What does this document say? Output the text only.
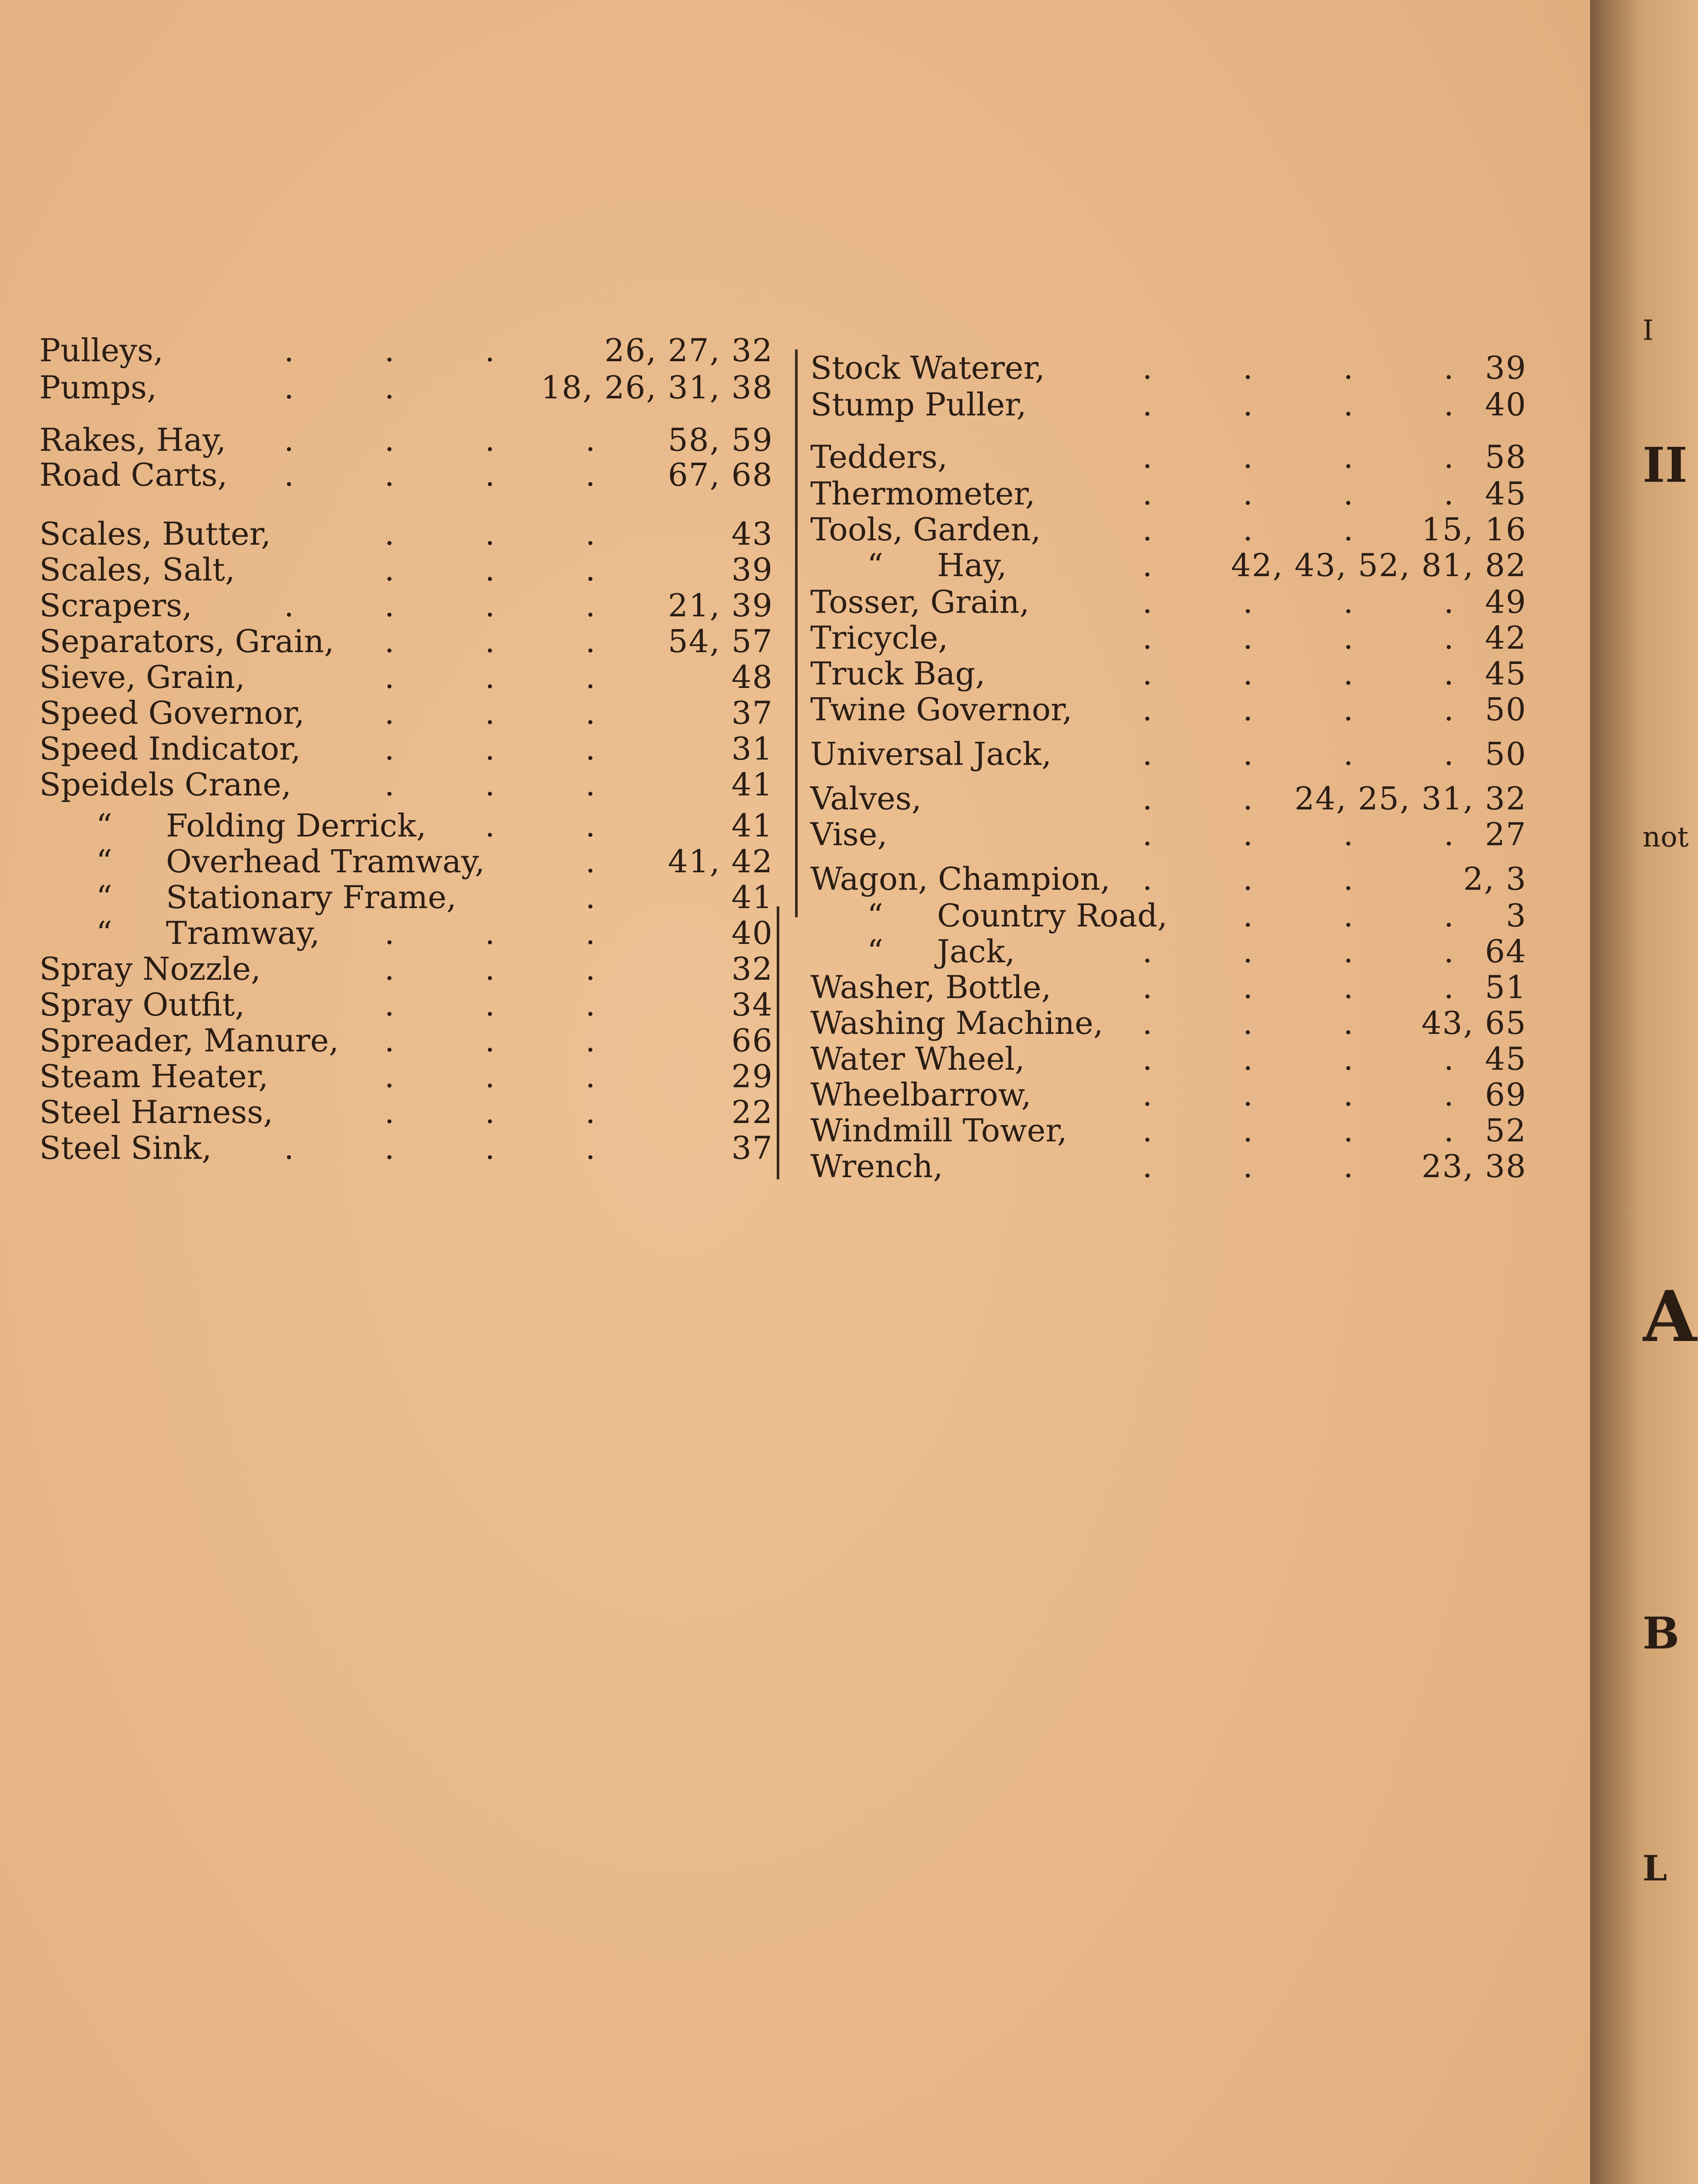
Pulleys,	.	.	.	26, 27, 32
Pumps,	.	.	18, 26, 31, 38
Rakes, Hay, .	.	.	. 58, 59
Road Carts, .	.	.	. 67, 68
Scales, Butter,	.	.	.	43
Scales, Salt,	.	.	.	39
Scrapers,	.	.	.	. 21, 39
Separators, Grain, .	.	. 54, 57
Sieve, Grain,	.	.	.	48
Speed Governor,	.	.	.	37
Speed Indicator,	.	.	.	31
Speidels Crane,	.	.	.	41
“ Folding Derrick, .	.	41
“ Overhead Tramway,	. 41, 42
“ Stationary Frame,	.	41
“ Tramway, .	.	.	40
Spray Nozzle,	.	.	.	32
Spray Outfit,	.	.	.	34
Spreader, Manure, .	.	.	66
Steam Heater,	.	.	.	29
Steel Harness,	.	.	.	22
Steel Sink, .	.	.	.	37
Stock Waterer,	.	.	.	. 39
Stump Puller,	.	.	.	. 40
Tedders,	.	.	.	. 58
Thermometer,	.	.	.	. 45
Tools, Garden,	.	.	. 15, 16
“ Hay,	. 42, 43, 52, 81, 82
Tosser, Grain,	.	.	.	. 49
Tricycle,	.	.	.	. 42
Truck Bag,	.	.	.	. 45
Twine Governor, .	.	.	. 50
Universal Jack,	.	.	.	. 50
Valves,	.	. 24, 25, 31, 32
Vise,	.	.	.	. 27
Wagon, Champion, .	.	.	2, 3
“ Country Road, .	.	. 3
“ Jack,	.	.	.	. 64
Washer, Bottle,	.	.	.	. 51
Washing Machine, .	.	. 43, 65
Water Wheel,	.	.	.	. 45
Wheelbarrow,	.	.	.	. 69
Windmill Tower, .	.	.	. 52
Wrench,	.	.	. 23, 38
I
II
not
A
B
L
